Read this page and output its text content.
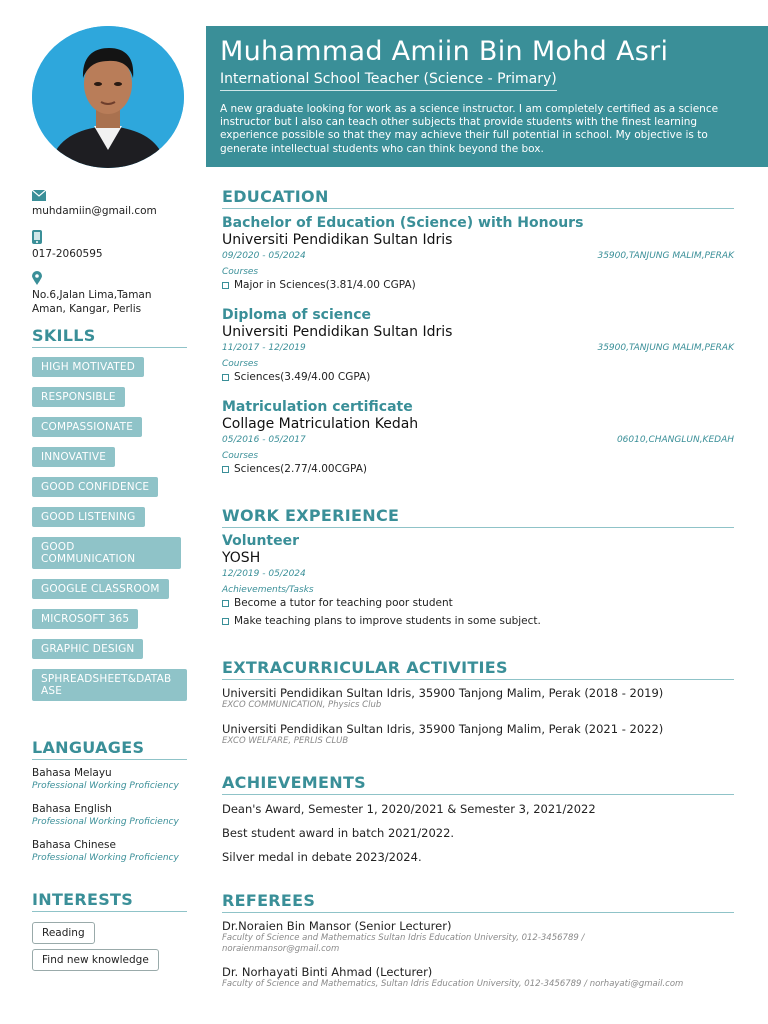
muhdamiin@gmail.com
017-2060595
No.6,Jalan Lima,Taman Aman, Kangar, Perlis
SKILLS
HIGH MOTIVATED
RESPONSIBLE
COMPASSIONATE
INNOVATIVE
GOOD CONFIDENCE
GOOD LISTENING
GOOD COMMUNICATION
GOOGLE CLASSROOM
MICROSOFT 365
GRAPHIC DESIGN
SPHREADSHEET&DATABASE
LANGUAGES
Bahasa Melayu
Professional Working Proficiency
Bahasa English
Professional Working Proficiency
Bahasa Chinese
Professional Working Proficiency
INTERESTS
Reading
Find new knowledge
Muhammad Amiin Bin Mohd Asri
International School Teacher (Science - Primary)
A new graduate looking for work as a science instructor. I am completely certified as a science instructor but I also can teach other subjects that provide students with the finest learning experience possible so that they may achieve their full potential in school. My objective is to generate intellectual students who can think beyond the box.
EDUCATION
Bachelor of Education (Science) with Honours
Universiti Pendidikan Sultan Idris
09/2020 - 05/2024	35900,TANJUNG MALIM,PERAK
Courses
Major in Sciences(3.81/4.00 CGPA)
Diploma of science
Universiti Pendidikan Sultan Idris
11/2017 - 12/2019	35900,TANJUNG MALIM,PERAK
Courses
Sciences(3.49/4.00 CGPA)
Matriculation certificate
Collage Matriculation Kedah
05/2016 - 05/2017	06010,CHANGLUN,KEDAH
Courses
Sciences(2.77/4.00CGPA)
WORK EXPERIENCE
Volunteer
YOSH
12/2019 - 05/2024
Achievements/Tasks
Become a tutor for teaching poor student
Make teaching plans to improve students in some subject.
EXTRACURRICULAR ACTIVITIES
Universiti Pendidikan Sultan Idris, 35900 Tanjong Malim, Perak (2018 - 2019)
EXCO COMMUNICATION, Physics Club
Universiti Pendidikan Sultan Idris, 35900 Tanjong Malim, Perak (2021 - 2022)
EXCO WELFARE, PERLIS CLUB
ACHIEVEMENTS
Dean's Award, Semester 1, 2020/2021 & Semester 3, 2021/2022
Best student award in batch 2021/2022.
Silver medal in debate 2023/2024.
REFEREES
Dr.Noraien Bin Mansor (Senior Lecturer)
Faculty of Science and Mathematics Sultan Idris Education University, 012-3456789 / noraienmansor@gmail.com
Dr. Norhayati Binti Ahmad (Lecturer)
Faculty of Science and Mathematics, Sultan Idris Education University, 012-3456789 / norhayati@gmail.com
